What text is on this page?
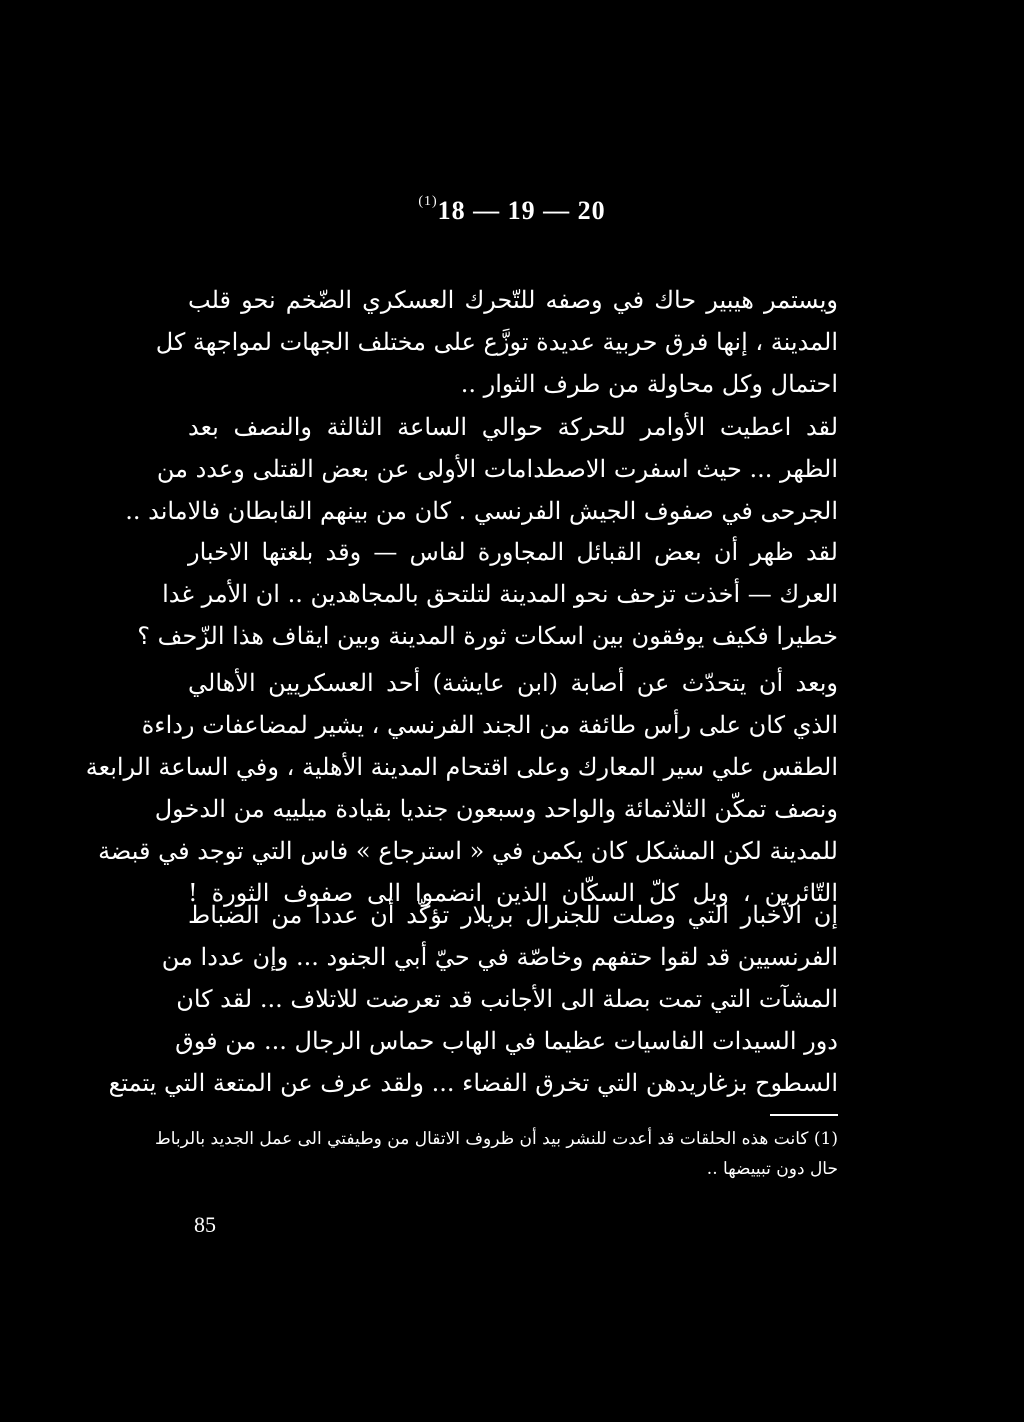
$^{(1)}$18 — 19 — 20
ويستمر هيبير حاك في وصفه للتّحرك العسكري الضّخم نحو قلب
المدينة ، إنها فرق حربية عديدة توزَّع على مختلف الجهات لمواجهة كل
احتمال وكل محاولة من طرف الثوار ..
لقد اعطيت الأوامر للحركة حوالي الساعة الثالثة والنصف بعد
الظهر ... حيث اسفرت الاصطدامات الأولى عن بعض القتلى وعدد من
الجرحى في صفوف الجيش الفرنسي . كان من بينهم القابطان فالاماند ..
لقد ظهر أن بعض القبائل المجاورة لفاس — وقد بلغتها الاخبار
العرك — أخذت تزحف نحو المدينة لتلتحق بالمجاهدين .. ان الأمر غدا
خطيرا فكيف يوفقون بين اسكات ثورة المدينة وبين ايقاف هذا الزّحف ؟
وبعد أن يتحدّث عن أصابة (ابن عايشة) أحد العسكريين الأهالي
الذي كان على رأس طائفة من الجند الفرنسي ، يشير لمضاعفات رداءة
الطقس علي سير المعارك وعلى اقتحام المدينة الأهلية ، وفي الساعة الرابعة
ونصف تمكّن الثلاثمائة والواحد وسبعون جنديا بقيادة ميلييه من الدخول
للمدينة لكن المشكل كان يكمن في « استرجاع » فاس التي توجد في قبضة
التّائرين ، وبل كلّ السكّان الذين انضموا الى صفوف الثورة !
إن الأخبار التي وصلت للجنرال بريلار تؤكّد أن عددا من الضباط
الفرنسيين قد لقوا حتفهم وخاصّة في حيّ أبي الجنود ... وإن عددا من
المشآت التي تمت بصلة الى الأجانب قد تعرضت للاتلاف ... لقد كان
دور السيدات الفاسيات عظيما في الهاب حماس الرجال ... من فوق
السطوح بزغاريدهن التي تخرق الفضاء ... ولقد عرف عن المتعة التي يتمتع
(1) كانت هذه الحلقات قد أعدت للنشر بيد أن ظروف الاتقال من وطيفتي الى عمل الجديد بالرباط
حال دون تبييضها ..
85
